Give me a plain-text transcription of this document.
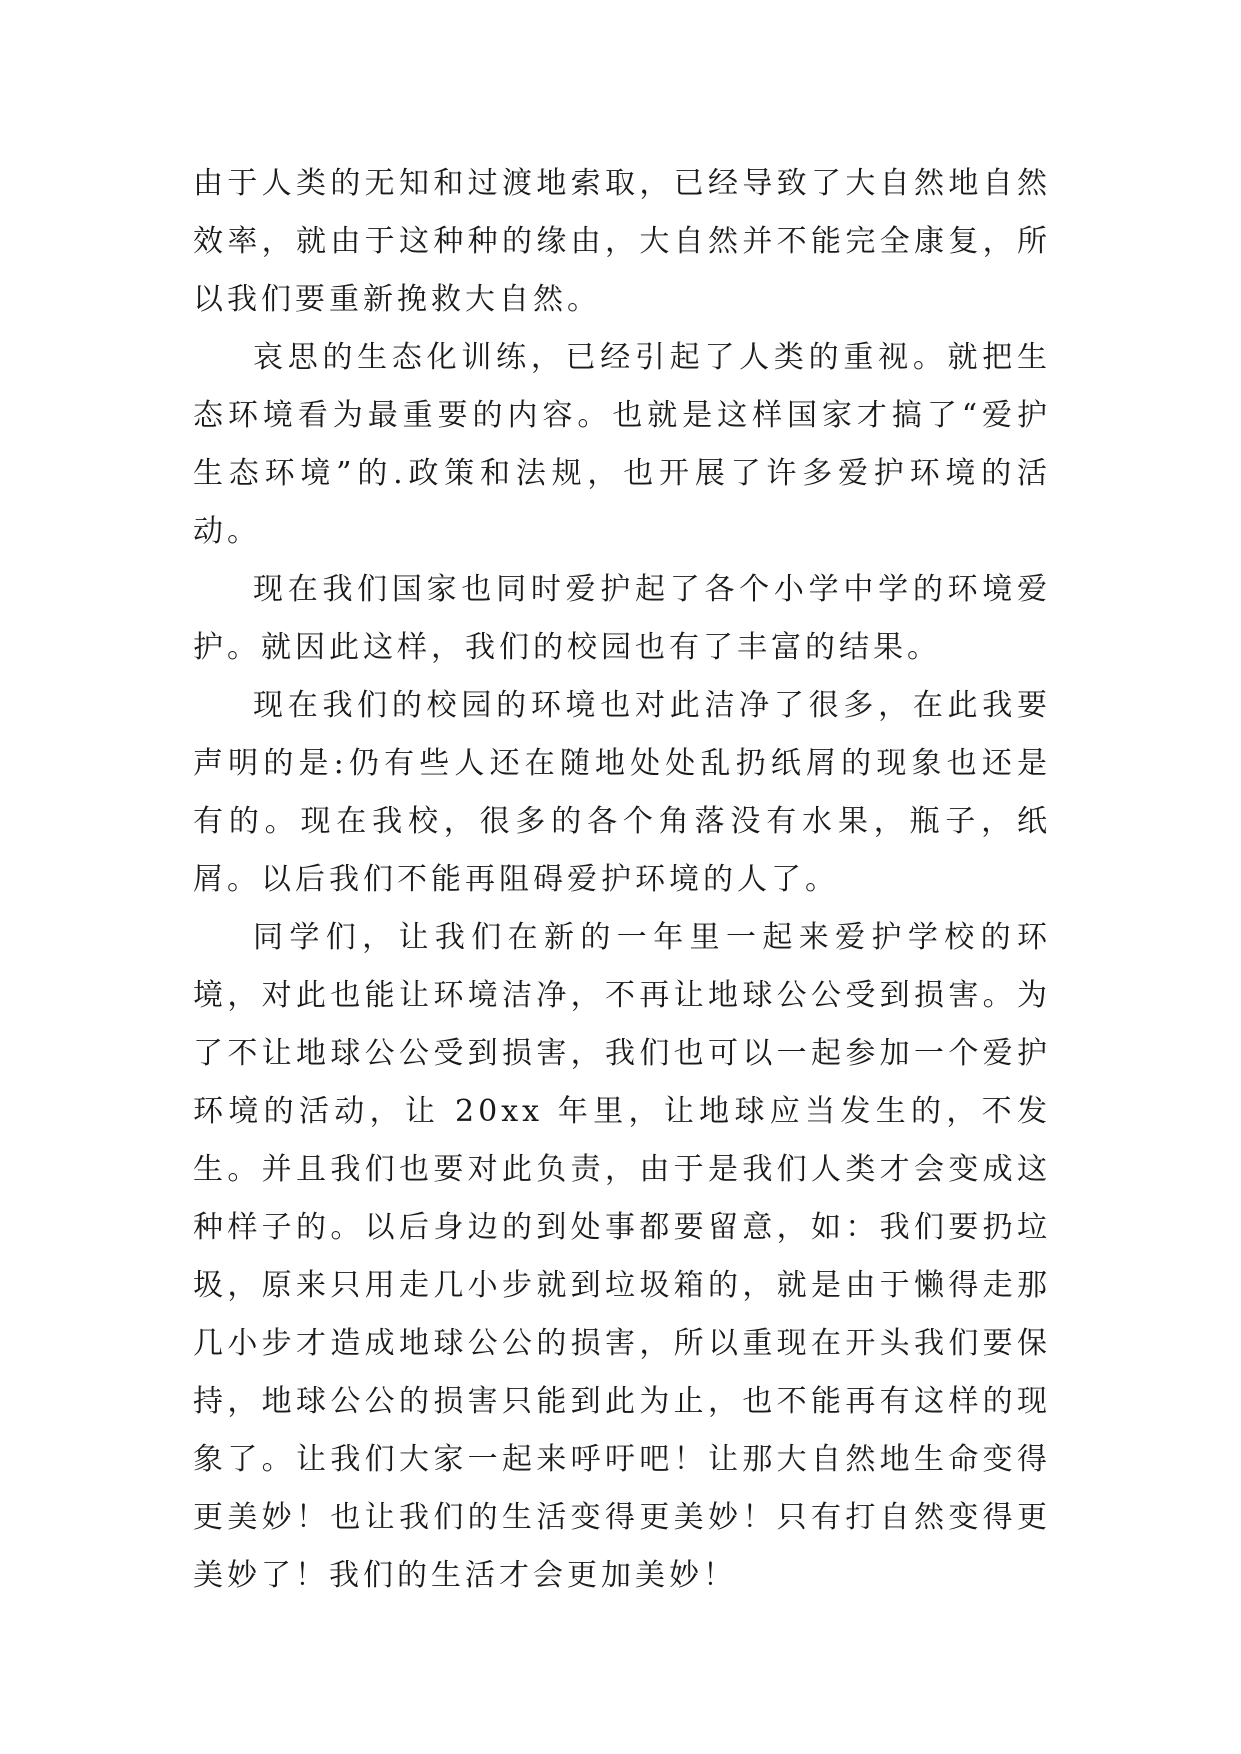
由于人类的无知和过渡地索取，已经导致了大自然地自然效率，就由于这种种的缘由，大自然并不能完全康复，所以我们要重新挽救大自然。

哀思的生态化训练，已经引起了人类的重视。就把生态环境看为最重要的内容。也就是这样国家才搞了“爱护生态环境”的.政策和法规，也开展了许多爱护环境的活动。

现在我们国家也同时爱护起了各个小学中学的环境爱护。就因此这样，我们的校园也有了丰富的结果。

现在我们的校园的环境也对此洁净了很多，在此我要声明的是:仍有些人还在随地处处乱扔纸屑的现象也还是有的。现在我校，很多的各个角落没有水果，瓶子，纸屑。以后我们不能再阻碍爱护环境的人了。

同学们，让我们在新的一年里一起来爱护学校的环境，对此也能让环境洁净，不再让地球公公受到损害。为了不让地球公公受到损害，我们也可以一起参加一个爱护环境的活动，让 20xx 年里，让地球应当发生的，不发生。并且我们也要对此负责，由于是我们人类才会变成这种样子的。以后身边的到处事都要留意，如：我们要扔垃圾，原来只用走几小步就到垃圾箱的，就是由于懒得走那几小步才造成地球公公的损害，所以重现在开头我们要保持，地球公公的损害只能到此为止，也不能再有这样的现象了。让我们大家一起来呼吁吧！让那大自然地生命变得更美妙！也让我们的生活变得更美妙！只有打自然变得更美妙了！我们的生活才会更加美妙！
